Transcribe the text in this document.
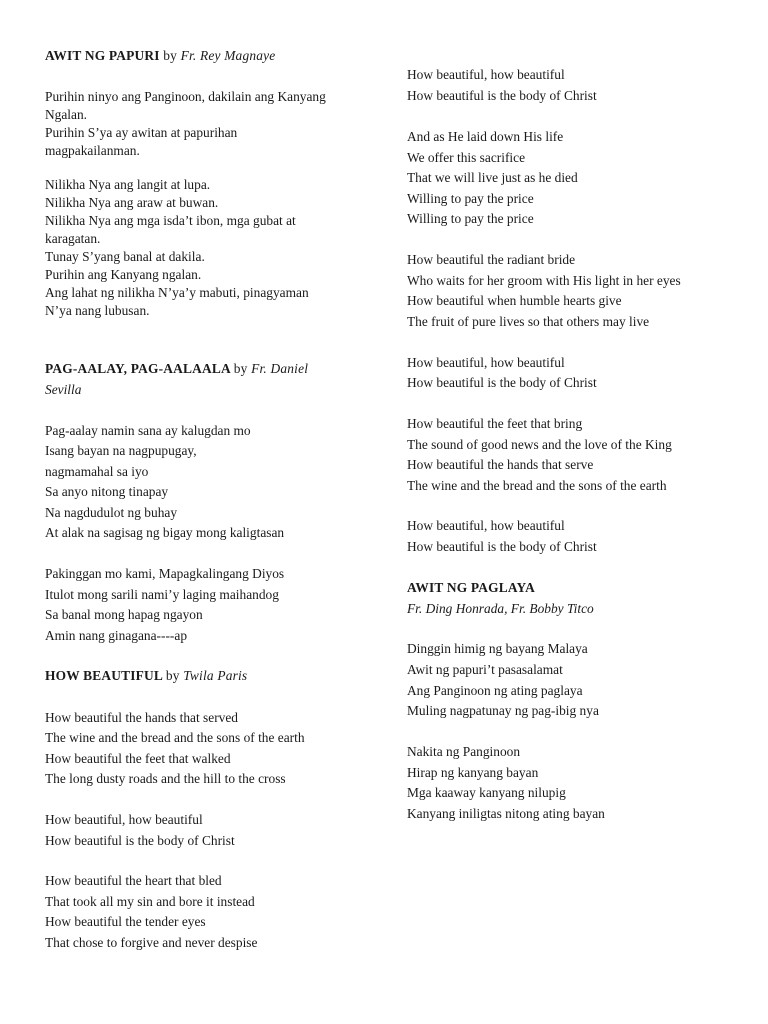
AWIT NG PAPURI by Fr. Rey Magnaye
Purihin ninyo ang Panginoon, dakilain ang Kanyang
Ngalan.
Purihin S’ya ay awitan at papurihan
magpakailanman.
Nilikha Nya ang langit at lupa.
Nilikha Nya ang araw at buwan.
Nilikha Nya ang mga isda’t ibon, mga gubat at
karagatan.
Tunay S’yang banal at dakila.
Purihin ang Kanyang ngalan.
Ang lahat ng nilikha N’ya’y mabuti, pinagyaman
N’ya nang lubusan.
PAG-AALAY, PAG-AALAALA by Fr. Daniel
Sevilla
Pag-aalay namin sana ay kalugdan mo
Isang bayan na nagpupugay,
nagmamahal sa iyo
Sa anyo nitong tinapay
Na nagdudulot ng buhay
At alak na sagisag ng bigay mong kaligtasan
Pakinggan mo kami, Mapagkalingang Diyos
Itulot mong sarili nami’y laging maihandog
Sa banal mong hapag ngayon
Amin nang ginagana----ap
HOW BEAUTIFUL by Twila Paris
How beautiful the hands that served
The wine and the bread and the sons of the earth
How beautiful the feet that walked
The long dusty roads and the hill to the cross
How beautiful, how beautiful
How beautiful is the body of Christ
How beautiful the heart that bled
That took all my sin and bore it instead
How beautiful the tender eyes
That chose to forgive and never despise
How beautiful, how beautiful
How beautiful is the body of Christ
And as He laid down His life
We offer this sacrifice
That we will live just as he died
Willing to pay the price
Willing to pay the price
How beautiful the radiant bride
Who waits for her groom with His light in her eyes
How beautiful when humble hearts give
The fruit of pure lives so that others may live
How beautiful, how beautiful
How beautiful is the body of Christ
How beautiful the feet that bring
The sound of good news and the love of the King
How beautiful the hands that serve
The wine and the bread and the sons of the earth
How beautiful, how beautiful
How beautiful is the body of Christ
AWIT NG PAGLAYA
Fr. Ding Honrada, Fr. Bobby Titco
Dinggin himig ng bayang Malaya
Awit ng papuri’t pasasalamat
Ang Panginoon ng ating paglaya
Muling nagpatunay ng pag-ibig nya
Nakita ng Panginoon
Hirap ng kanyang bayan
Mga kaaway kanyang nilupig
Kanyang iniligtas nitong ating bayan
